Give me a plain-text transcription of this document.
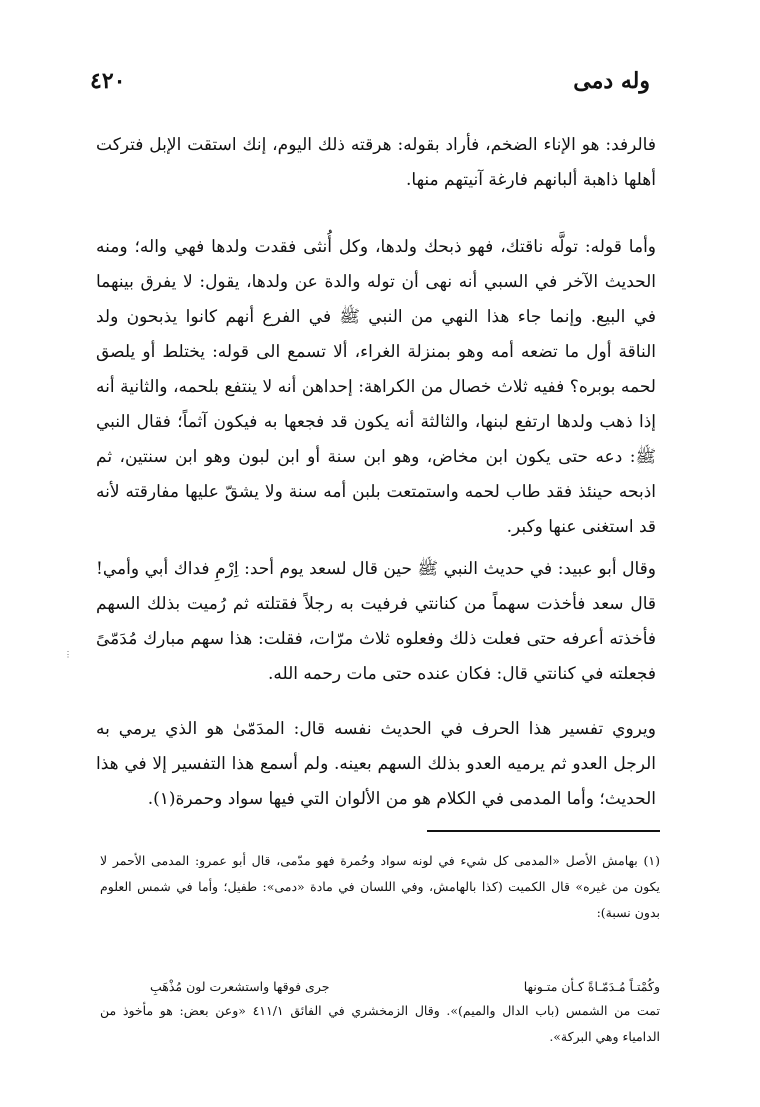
٤٢٠	وله دمى

فالرفد: هو الإناء الضخم، فأراد بقوله: هرقته ذلك اليوم، إنك استقت الإبل فتركت أهلها ذاهبة ألبانهم فارغة آنيتهم منها.

وأما قوله: تولَّه ناقتك، فهو ذبحك ولدها، وكل أُنثى فقدت ولدها فهي واله؛ ومنه الحديث الآخر في السبي أنه نهى أن توله والدة عن ولدها، يقول: لا يفرق بينهما في البيع. وإنما جاء هذا النهي من النبي ﷺ في الفرع أنهم كانوا يذبحون ولد الناقة أول ما تضعه أمه وهو بمنزلة الغراء، ألا تسمع الى قوله: يختلط أو يلصق لحمه بوبره؟ ففيه ثلاث خصال من الكراهة: إحداهن أنه لا ينتفع بلحمه، والثانية أنه إذا ذهب ولدها ارتفع لبنها، والثالثة أنه يكون قد فجعها به فيكون آثماً؛ فقال النبي ﷺ: دعه حتى يكون ابن مخاض، وهو ابن سنة أو ابن لبون وهو ابن سنتين، ثم اذبحه حينئذ فقد طاب لحمه واستمتعت بلبن أمه سنة ولا يشقّ عليها مفارقته لأنه قد استغنى عنها وكبر.

وقال أبو عبيد: في حديث النبي ﷺ حين قال لسعد يوم أحد: اِرْمِ فداك أبي وأمي! قال سعد فأخذت سهماً من كنانتي فرفيت به رجلاً فقتلته ثم رُميت بذلك السهم فأخذته أعرفه حتى فعلت ذلك وفعلوه ثلاث مرّات، فقلت: هذا سهم مبارك مُدَمّىً فجعلته في كنانتي قال: فكان عنده حتى مات رحمه الله.

ويروي تفسير هذا الحرف في الحديث نفسه قال: المدَمّىٰ هو الذي يرمي به الرجل العدو ثم يرميه العدو بذلك السهم بعينه. ولم أسمع هذا التفسير إلا في هذا الحديث؛ وأما المدمى في الكلام هو من الألوان التي فيها سواد وحمرة(١).

(١) بهامش الأصل «المدمى كل شيء في لونه سواد وحُمرة فهو مدّمى، قال أبو عمرو: المدمى الأحمر لا يكون من غيره» قال الكميت (كذا بالهامش، وفي اللسان في مادة «دمى»: طفيل؛ وأما في شمس العلوم بدون نسبة):

وكُمْتـاً مُـدَمّـاةً كـأن متـونها
جرى فوقها واستشعرت لون مُذْهَبِ

تمت من الشمس (باب الدال والميم)». وقال الزمخشري في الفائق ٤١١/١ «وعن بعض: هو مأخوذ من الدامياء وهي البركة».

⋮
